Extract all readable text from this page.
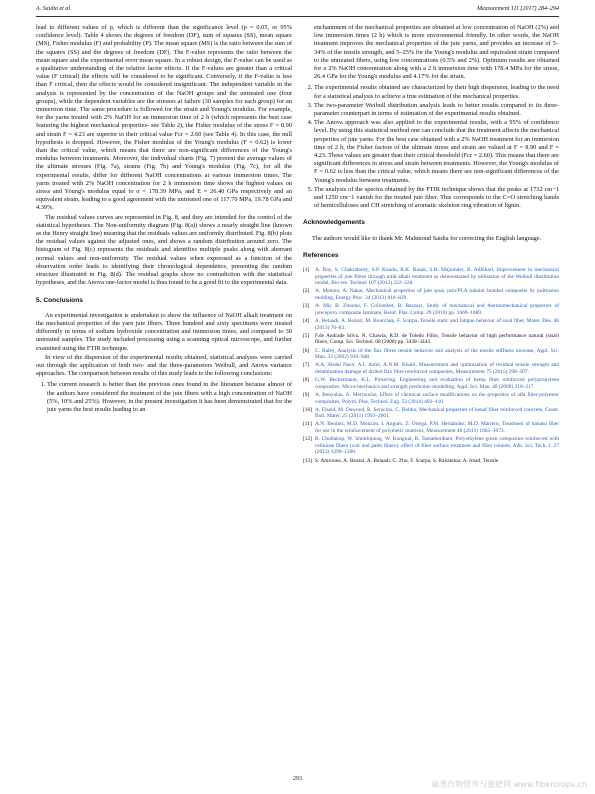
A. Saidia et al.	Measurement 111 (2017) 284–294

lead to different values of p, which is different than the significance level (p = 0.05, or 95% confidence level). Table 4 shows the degrees of freedom (DF), sum of squares (SS), mean square (MS), Fisher modulus (F) and probability (P). The mean square (MS) is the ratio between the sum of the squares (SS) and the degrees of freedom (DF). The F-value represents the ratio between the mean square and the experimental error mean square. In a robust design, the F-value can be used as a qualitative understanding of the relative factor effects. If the F-values are greater than a critical value (F critical) the effects will be considered to be significant. Conversely, if the F-value is less than F critical, then the effects would be considered insignificant. The independent variable in the analysis is represented by the concentration of the NaOH groups and the untreated one (four groups), while the dependent variables are the stresses at failure (30 samples for each group) for an immersion time. The same procedure is followed for the strain and Young's modulus. For example, for the yarns treated with 2% NaOH for an immersion time of 2 h (which represents the best case featuring the highest mechanical properties- see Table 2), the Fisher modulus of the stress F = 8.90 and strain F = 4.23 are superior to their critical value Fcr = 2.60 (see Table 4). In this case, the null hypothesis is dropped. However, the Fisher modulus of the Young's modulus (F = 0.62) is lower than the critical value, which means that there are non-significant differences of the Young's modulus between treatments. Moreover, the individual charts (Fig. 7) present the average values of the ultimate stresses (Fig. 7a), strains (Fig. 7b) and Young's modulus (Fig. 7c), for all the experimental results, differ for different NaOH concentrations at various immersion times. The yarns treated with 2% NaOH concentration for 2 h immersion time shows the highest values on stress and Young's modulus equal to σ = 178.39 MPa, and E = 26.40 GPa respectively and an equivalent strain, leading to a good agreement with the untreated one of 117.70 MPa, 19.78 GPa and 4.39%.

The residual values curves are represented in Fig. 8, and they are intended for the control of the statistical hypotheses. The Non-uniformity diagram (Fig. 8(a)) shows a nearly straight line (known as the Henry straight line) meaning that the residuals values are uniformly distributed. Fig. 8(b) plots the residual values against the adjusted ones, and shows a random distribution around zero. The histogram of Fig. 8(c) represents the residuals and identifies multiple peaks along with aberrant normal values and non-uniformity. The residual values when expressed as a function of the observation order leads to identifying their chronological dependence, presenting the random structure illustrated in Fig. 8(d). The residual graphs show no contradiction with the statistical hypotheses, and the Anova one-factor model is thus found to be a good fit to the experimental data.

5. Conclusions

An experimental investigation is undertaken to show the influence of NaOH alkali treatment on the mechanical properties of the yarn jute fibers. Three hundred and sixty specimens were treated differently in terms of sodium hydroxide concentration and immersion times, and compared to 30 untreated samples. The study included processing using a scanning optical microscope, and further examined using the FTIR technique.

In view of the dispersion of the experimental results obtained, statistical analyses were carried out through the application of both two- and the three-parameters Weibull, and Anova variance approaches. The comparison between results of this study leads to the following conclusions:

1. The current research is better than the previous ones found in the literature because almost of the authors have considered the treatment of the jute fibers with a high concentration of NaOH (5%, 10% and 25%). However, in the present investigation it has been demonstrated that for the jute yarns the best results leading to an

enchantment of the mechanical properties are obtained at low concentration of NaOH (2%) and low immersion times (2 h) which is more environmental friendly. In other words, the NaOH treatment improves the mechanical properties of the jute yarns, and provides an increase of 5–34% of the tensile strength, and 5–25% for the Young's modulus and equivalent strain compared to the untreated fibers, using low concentrations (0.5% and 2%). Optimum results are obtained for a 2% NaOH concentration along with a 2 h immersion time with 178.4 MPa for the stress, 26.4 GPa for the Young's modulus and 4.17% for the strain.

2. The experimental results obtained are characterized by their high dispersion, leading to the need for a statistical analysis to achieve a true estimation of the mechanical properties.
3. The two-parameter Weibull distribution analysis leads to better results compared to its three-parameter counterpart in terms of estimation of the experimental results obtained.
4. The Anova approach was also applied to the experimental results, with a 95% of confidence level. By using this statistical method one can conclude that the treatment affects the mechanical properties of jute yarns. For the best case obtained with a 2% NaOH treatment for an immersion time of 2 h, the Fisher factors of the ultimate stress and strain are valued at F = 8.90 and F = 4.23. These values are greater than their critical threshold (Fcr = 2.60). This means that there are significant differences in stress and strain between treatments. However, the Young's modulus of F = 0.62 is less than the critical value, which means there are non-significant differences of the Young's modulus between treatments.
5. The analysis of the spectra obtained by the FTIR technique shows that the peaks at 1732 cm−1 and 1250 cm−1 vanish for the treated jute fiber. This corresponds to the C=O stretching bands of hemicelluloses and CH stretching of aromatic skeleton ring vibration of lignin.
Acknowledgements

The authors would like to thank Mr. Mahmoud Saidia for correcting the English language.

References
[1] A. Roy, S. Chakraborty, S.P. Kundu, R.K. Basak, S.B. Majumder, B. Adhikari, Improvement in mechanical properties of jute fibres through mild alkali treatment as demonstrated by utilisation of the Weibull distribution model, Bio-res. Technol 107 (2012) 222–228.
[2] A. Memon, A. Nakai, Mechanical properties of jute spun yarn/PLA tubular braided composite by pultrusion molding, Energy Proc. 34 (2013) 818–829.
[3] A. Mir, B. Zitoune, F. Collombet, B. Bezzazi, Study of mechanical and thermomechanical properties of jute/epoxy composite laminate, Reinf. Plas. Comp. 29 (2010) pp. 1669–1680.
[4] A. Belaadi, A. Bezazi, M. Bourchak, F. Scarpa, Tensile static and fatigue behavior of sisal fiber, Mater. Des. 46 (2013) 76–83.
[5] F.de Andrade Silva, N. Chawla, R.D. de Toledo Filho, Tensile behavior of high performance natural (sisal) fibers, Comp. Sci. Technol. 68 (2008) pp. 3438–3443.
[6] C. Baley, Analysis of the flax fibres tensile behavior and analysis of the tensile stiffness increase, Appl. Sci. Man. 33 (2002) 939–948.
[7] A.A. Abdul Nasir, A.I. Azmi, A.N.M. Khalil, Measurement and optimisation of residual tensile strength and delamination damage of drilled flax fibre reinforced composites, Measurement 75 (2015) 298–307.
[8] G.W. Beckermann, K.L. Pickering, Engineering and evaluation of hemp fiber reinforced polypropylene composites: Micro-mechanics and strength prediction modelling, Appl. Sci. Man. 40 (2009) 210–217.
[9] A. Benyahia, A. Merrouche, Effect of chemical surface modifications on the properties of alfa fiber-polyester composites, Polym. Plas. Technol. Eng. 53 (2014) 403–410.
[10] A. Elsaid, M. Dawood, R. Seracino, C. Bobko, Mechanical properties of kenaf fiber reinforced concrete, Const. Buil. Mater. 25 (2011) 1991–2001.
[11] A.N. Benítez, M.D. Monzón, I. Angulo, Z. Ortega, P.M. Hernández, M.D. Marrero, Treatment of banana fiber for use in the reinforcement of polymeric matrices, Measurement 46 (2013) 1065–1073.
[12] R. Chollakup, W. Smitthipong, W. Kongtud, R. Tantatherdtam, Polyethylene green composites reinforced with cellulose fibers (coir and palm fibers): effect of fiber surface treatment and fiber content, Adh. Sci. Tech. J. 27 (2013) 1290–1300.
[13] S. Amroune, A. Bezazi, A. Belaadi, C. Zhu, F. Scarpa, S. Rahatekar, A. Imad, Tensile
293
麻类作物营养与施肥网 www.fibercrops.cn
